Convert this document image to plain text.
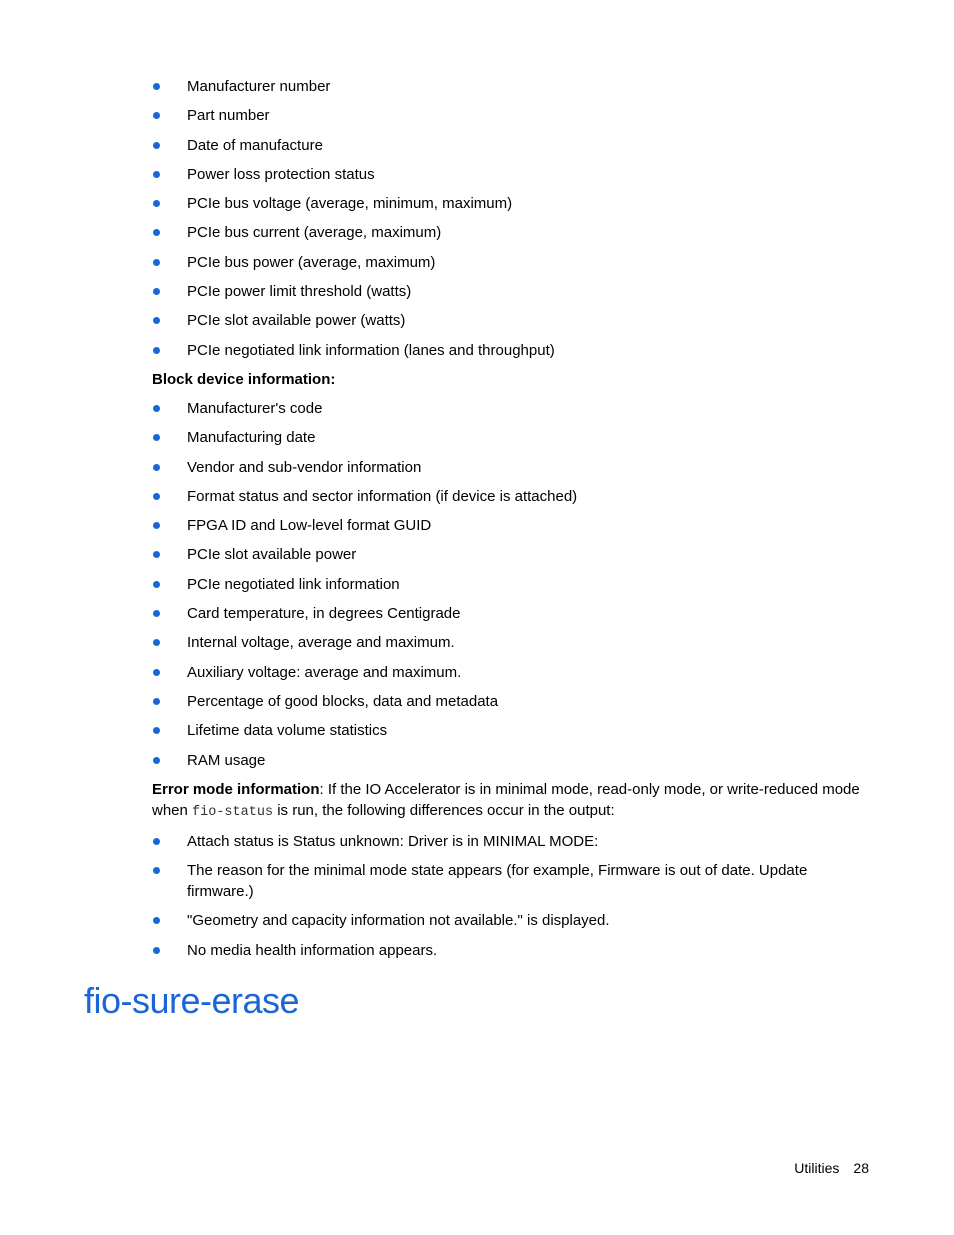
Manufacturer number
Part number
Date of manufacture
Power loss protection status
PCIe bus voltage (average, minimum, maximum)
PCIe bus current (average, maximum)
PCIe bus power (average, maximum)
PCIe power limit threshold (watts)
PCIe slot available power (watts)
PCIe negotiated link information (lanes and throughput)
Block device information:
Manufacturer's code
Manufacturing date
Vendor and sub-vendor information
Format status and sector information (if device is attached)
FPGA ID and Low-level format GUID
PCIe slot available power
PCIe negotiated link information
Card temperature, in degrees Centigrade
Internal voltage, average and maximum.
Auxiliary voltage: average and maximum.
Percentage of good blocks, data and metadata
Lifetime data volume statistics
RAM usage

Error mode information: If the IO Accelerator is in minimal mode, read-only mode, or write-reduced mode when fio-status is run, the following differences occur in the output:

Attach status is Status unknown: Driver is in MINIMAL MODE:
The reason for the minimal mode state appears (for example, Firmware is out of date. Update firmware.)
"Geometry and capacity information not available." is displayed.
No media health information appears.
fio-sure-erase
Utilities 28
